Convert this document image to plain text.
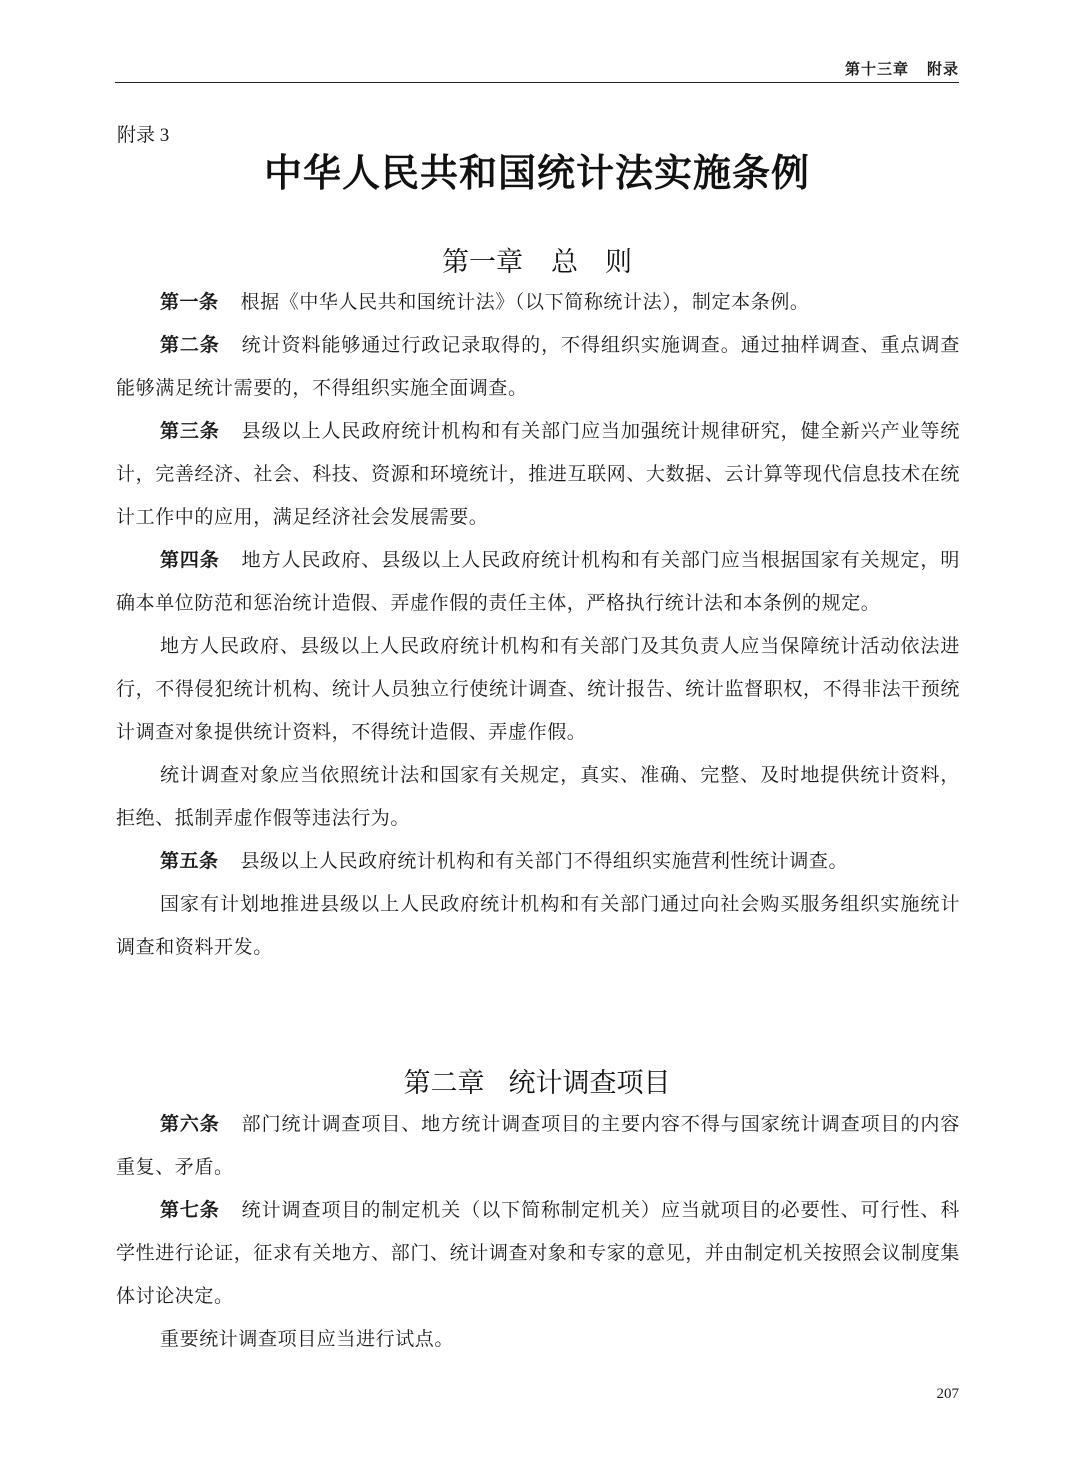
第十三章 附录
附录 3
中华人民共和国统计法实施条例
第一章 总　则

第一条 根据《中华人民共和国统计法》（以下简称统计法），制定本条例。

第二条 统计资料能够通过行政记录取得的，不得组织实施调查。通过抽样调查、重点调查能够满足统计需要的，不得组织实施全面调查。

第三条 县级以上人民政府统计机构和有关部门应当加强统计规律研究，健全新兴产业等统计，完善经济、社会、科技、资源和环境统计，推进互联网、大数据、云计算等现代信息技术在统计工作中的应用，满足经济社会发展需要。

第四条 地方人民政府、县级以上人民政府统计机构和有关部门应当根据国家有关规定，明确本单位防范和惩治统计造假、弄虚作假的责任主体，严格执行统计法和本条例的规定。

地方人民政府、县级以上人民政府统计机构和有关部门及其负责人应当保障统计活动依法进行，不得侵犯统计机构、统计人员独立行使统计调查、统计报告、统计监督职权，不得非法干预统计调查对象提供统计资料，不得统计造假、弄虚作假。

统计调查对象应当依照统计法和国家有关规定，真实、准确、完整、及时地提供统计资料，拒绝、抵制弄虚作假等违法行为。

第五条 县级以上人民政府统计机构和有关部门不得组织实施营利性统计调查。

国家有计划地推进县级以上人民政府统计机构和有关部门通过向社会购买服务组织实施统计调查和资料开发。

第二章 统计调查项目

第六条 部门统计调查项目、地方统计调查项目的主要内容不得与国家统计调查项目的内容重复、矛盾。

第七条 统计调查项目的制定机关（以下简称制定机关）应当就项目的必要性、可行性、科学性进行论证，征求有关地方、部门、统计调查对象和专家的意见，并由制定机关按照会议制度集体讨论决定。

重要统计调查项目应当进行试点。

207
